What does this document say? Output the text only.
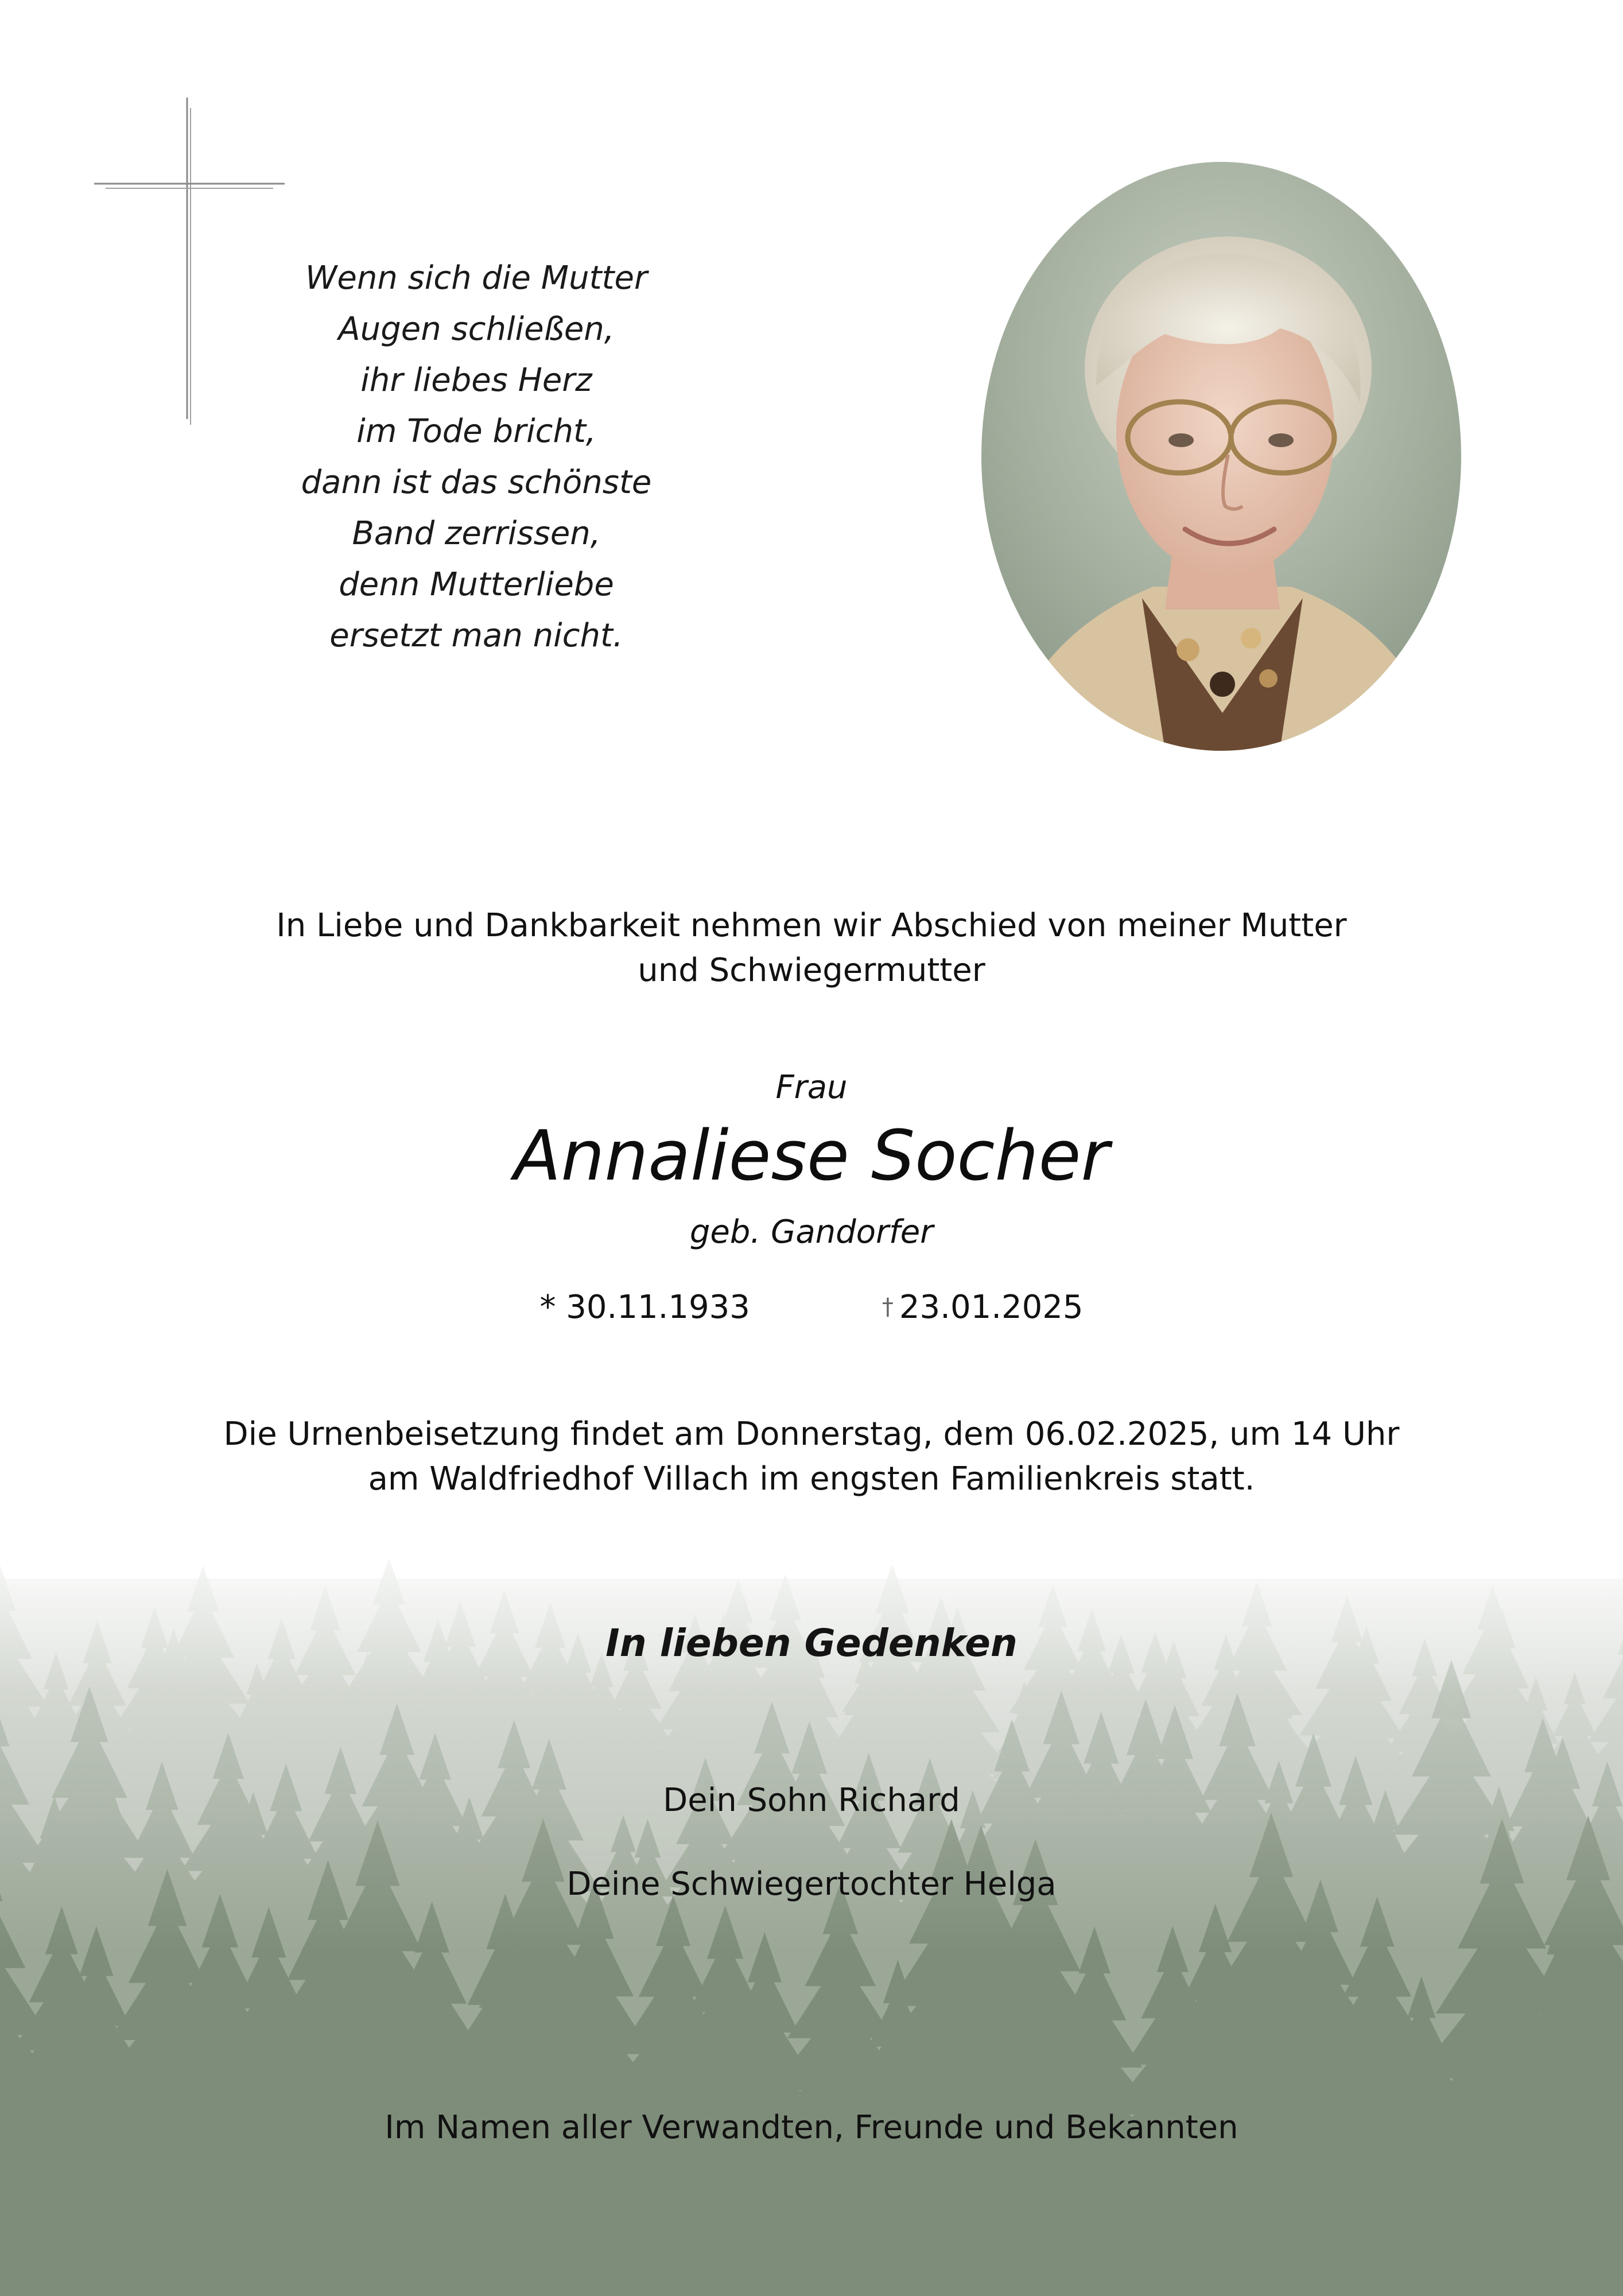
Wenn sich die Mutter
Augen schließen,
ihr liebes Herz
im Tode bricht,
dann ist das schönste
Band zerrissen,
denn Mutterliebe
ersetzt man nicht.
In Liebe und Dankbarkeit nehmen wir Abschied von meiner Mutter
und Schwiegermutter
Frau
Annaliese Socher
geb. Gandorfer
* 30.11.1933	† 23.01.2025
Die Urnenbeisetzung findet am Donnerstag, dem 06.02.2025, um 14 Uhr
am Waldfriedhof Villach im engsten Familienkreis statt.
In lieben Gedenken
Dein Sohn Richard
Deine Schwiegertochter Helga
Im Namen aller Verwandten, Freunde und Bekannten
